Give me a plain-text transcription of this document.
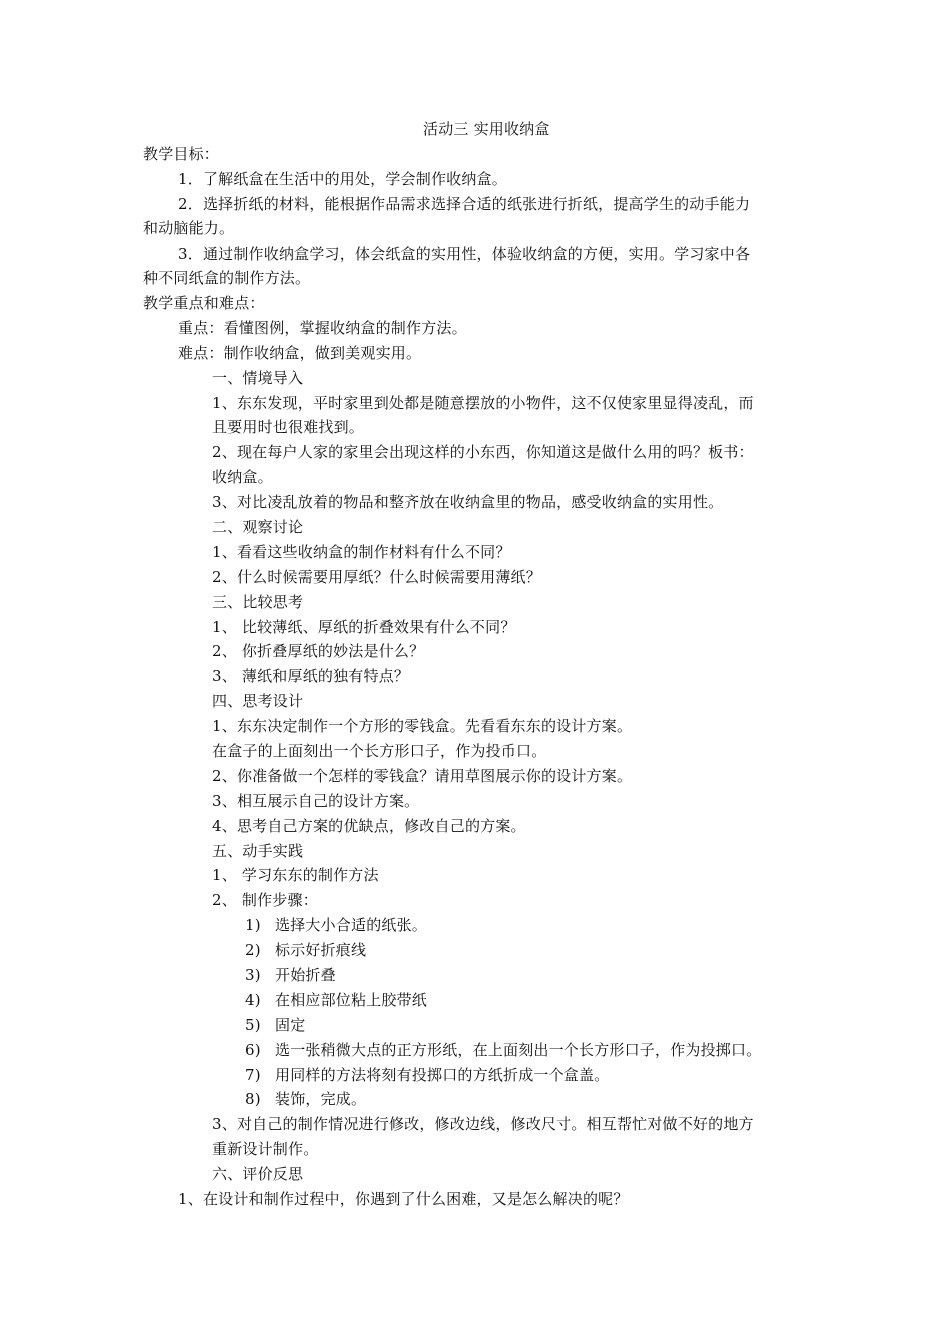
活动三 实用收纳盒
教学目标：
1．了解纸盒在生活中的用处，学会制作收纳盒。
2．选择折纸的材料，能根据作品需求选择合适的纸张进行折纸，提高学生的动手能力
和动脑能力。
3．通过制作收纳盒学习，体会纸盒的实用性，体验收纳盒的方便，实用。学习家中各
种不同纸盒的制作方法。
教学重点和难点：
重点：看懂图例，掌握收纳盒的制作方法。
难点：制作收纳盒，做到美观实用。
一、情境导入
1、东东发现，平时家里到处都是随意摆放的小物件，这不仅使家里显得凌乱，而
且要用时也很难找到。
2、现在每户人家的家里会出现这样的小东西，你知道这是做什么用的吗？板书：
收纳盒。
3、对比凌乱放着的物品和整齐放在收纳盒里的物品，感受收纳盒的实用性。
二、观察讨论
1、看看这些收纳盒的制作材料有什么不同？
2、什么时候需要用厚纸？什么时候需要用薄纸？
三、比较思考
1、 比较薄纸、厚纸的折叠效果有什么不同？
2、 你折叠厚纸的妙法是什么？
3、 薄纸和厚纸的独有特点？
四、思考设计
1、东东决定制作一个方形的零钱盒。先看看东东的设计方案。
在盒子的上面刻出一个长方形口子，作为投币口。
2、你准备做一个怎样的零钱盒？请用草图展示你的设计方案。
3、相互展示自己的设计方案。
4、思考自己方案的优缺点，修改自己的方案。
五、动手实践
1、 学习东东的制作方法
2、 制作步骤：
1) 选择大小合适的纸张。
2) 标示好折痕线
3) 开始折叠
4) 在相应部位粘上胶带纸
5) 固定
6) 选一张稍微大点的正方形纸，在上面刻出一个长方形口子，作为投掷口。
7) 用同样的方法将刻有投掷口的方纸折成一个盒盖。
8) 装饰，完成。
3、对自己的制作情况进行修改，修改边线，修改尺寸。相互帮忙对做不好的地方
重新设计制作。
六、评价反思
1、在设计和制作过程中，你遇到了什么困难，又是怎么解决的呢？
